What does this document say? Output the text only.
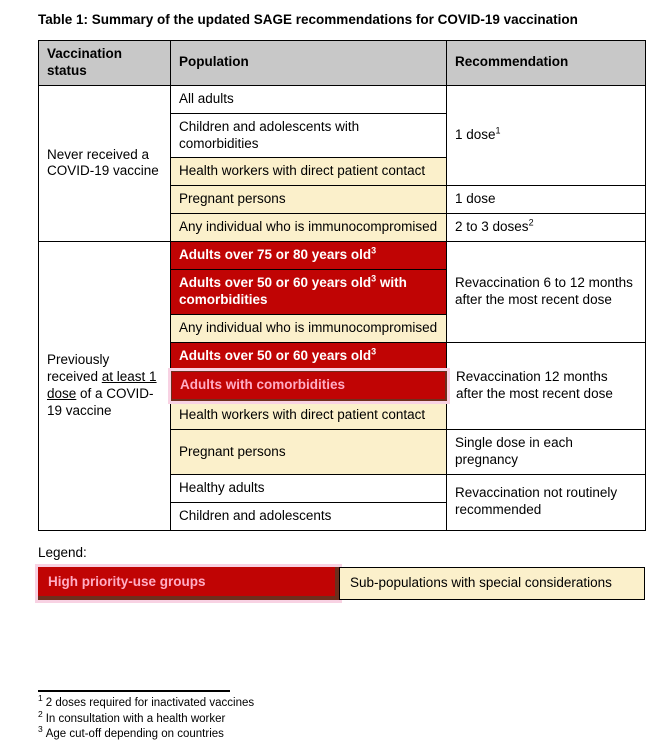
Table 1: Summary of the updated SAGE recommendations for COVID-19 vaccination
Vaccination status	Population	Recommendation
Never received a COVID-19 vaccine	All adults	1 dose$^1$
	Children and adolescents with comorbidities	
	Health workers with direct patient contact	
	Pregnant persons	1 dose
	Any individual who is immunocompromised	2 to 3 doses$^2$
Previously received at least 1 dose of a COVID-19 vaccine	Adults over 75 or 80 years old$^3$	Revaccination 6 to 12 months after the most recent dose
	Adults over 50 or 60 years old$^3$ with comorbidities	
	Any individual who is immunocompromised	
	Adults over 50 or 60 years old$^3$	Revaccination 12 months after the most recent dose
	Adults with comorbidities	
	Health workers with direct patient contact	
	Pregnant persons	Single dose in each pregnancy
	Healthy adults	Revaccination not routinely recommended
	Children and adolescents	
Legend:
High priority-use groups	Sub-populations with special considerations
$^1$ 2 doses required for inactivated vaccines
$^2$ In consultation with a health worker
$^3$ Age cut-off depending on countries
